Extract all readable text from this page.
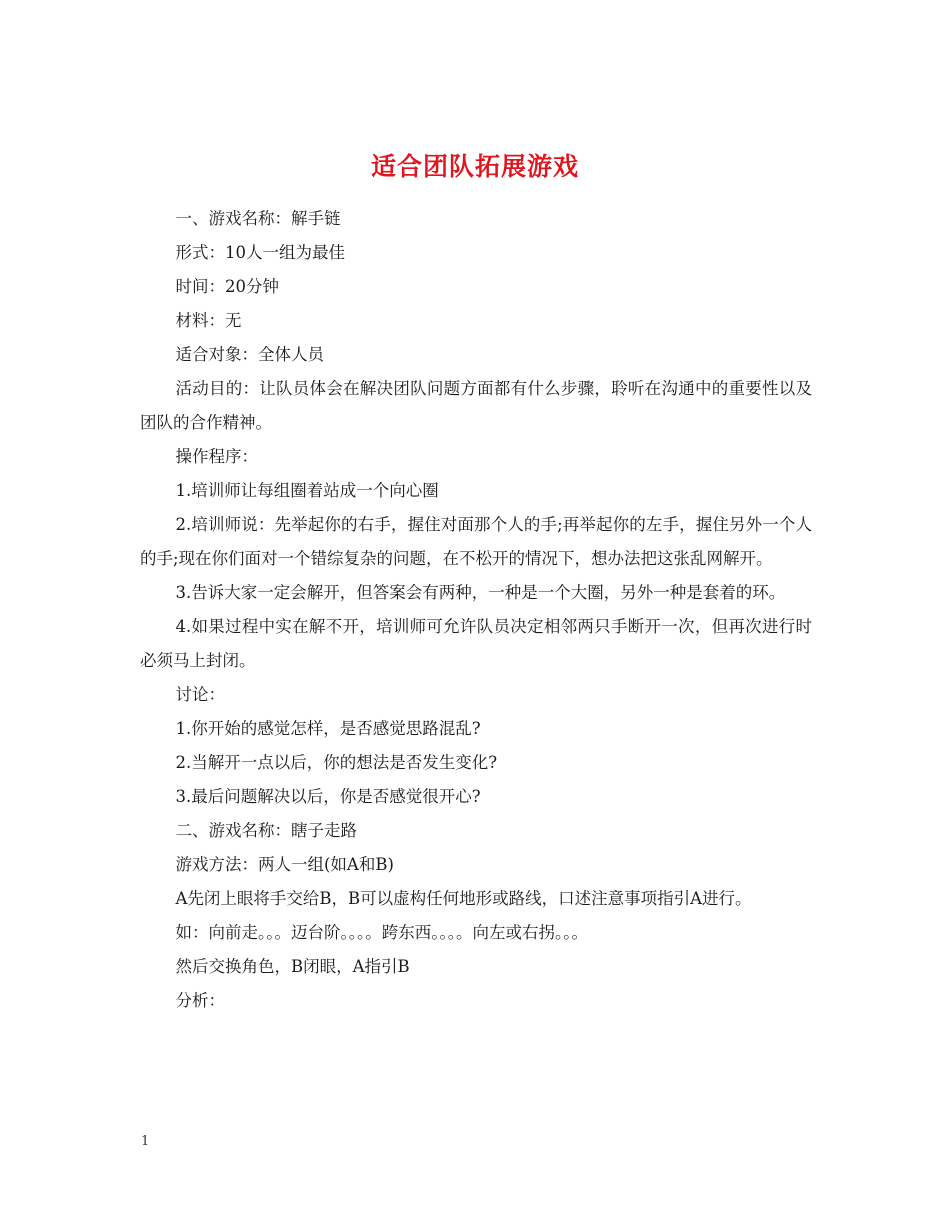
适合团队拓展游戏

一、游戏名称：解手链

形式：10人一组为最佳

时间：20分钟

材料：无

适合对象：全体人员

活动目的：让队员体会在解决团队问题方面都有什么步骤，聆听在沟通中的重要性以及团队的合作精神。

操作程序：

1.培训师让每组圈着站成一个向心圈

2.培训师说：先举起你的右手，握住对面那个人的手;再举起你的左手，握住另外一个人的手;现在你们面对一个错综复杂的问题，在不松开的情况下，想办法把这张乱网解开。

3.告诉大家一定会解开，但答案会有两种，一种是一个大圈，另外一种是套着的环。

4.如果过程中实在解不开，培训师可允许队员决定相邻两只手断开一次，但再次进行时必须马上封闭。

讨论：

1.你开始的感觉怎样，是否感觉思路混乱?

2.当解开一点以后，你的想法是否发生变化?

3.最后问题解决以后，你是否感觉很开心?

二、游戏名称：瞎子走路

游戏方法：两人一组(如A和B)

A先闭上眼将手交给B，B可以虚构任何地形或路线，口述注意事项指引A进行。

如：向前走。。。迈台阶。。。。跨东西。。。。向左或右拐。。。

然后交换角色，B闭眼，A指引B

分析：

1
